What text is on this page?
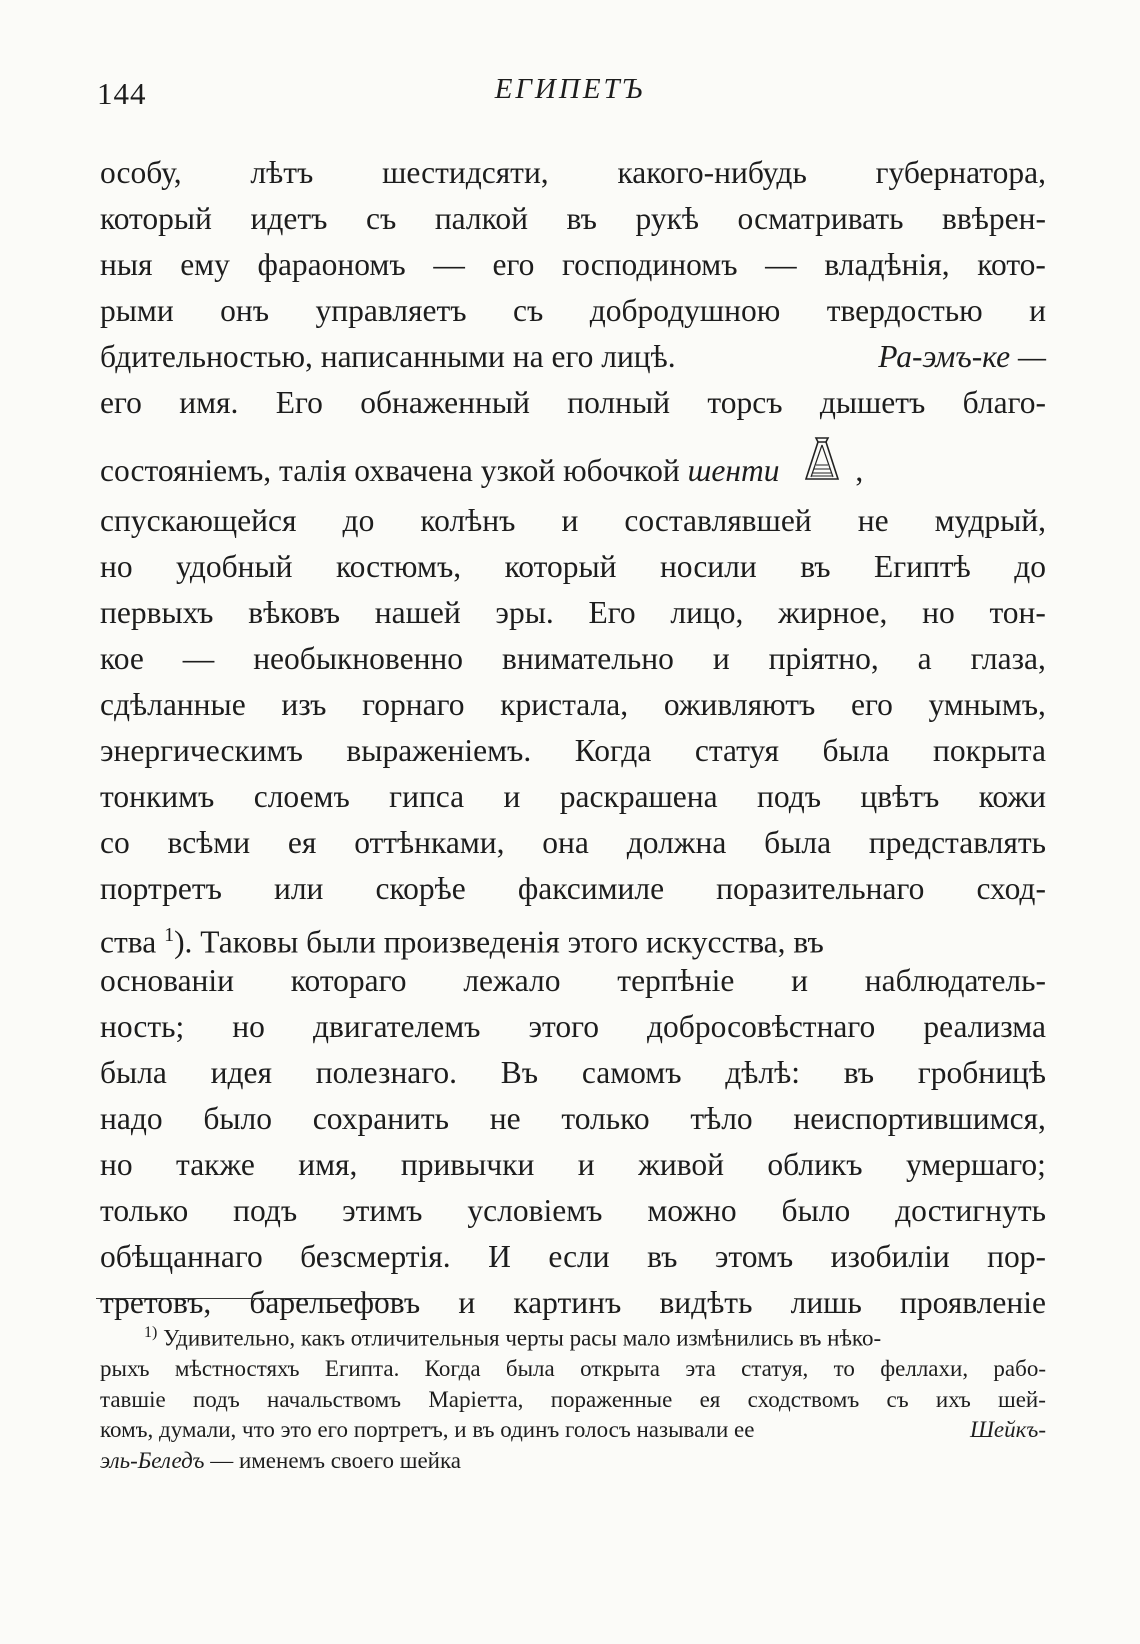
144	ЕГИПЕТЪ
особу, лѣтъ шестидсяти, какого-нибудь губернатора,
который идетъ съ палкой въ рукѣ осматривать ввѣрен-
ныя ему фараономъ — его господиномъ — владѣнія, кото-
рыми онъ управляетъ съ добродушною твердостью и
бдительностью, написанными на его лицѣ.	Ра-эмъ-ке —
его имя. Его обнаженный полный торсъ дышетъ благо-
состояніемъ, талія охвачена узкой юбочкой шенти ,
спускающейся до колѣнъ и составлявшей не мудрый,
но удобный костюмъ, который носили въ Египтѣ до
первыхъ вѣковъ нашей эры. Его лицо, жирное, но тон-
кое — необыкновенно внимательно и пріятно, а глаза,
сдѣланные изъ горнаго кристала, оживляютъ его умнымъ,
энергическимъ выраженіемъ. Когда статуя была покрыта
тонкимъ слоемъ гипса и раскрашена подъ цвѣтъ кожи
со всѣми ея оттѣнками, она должна была представлять
портретъ или скорѣе факсимиле поразительнаго сход-
ства $^1$). Таковы были произведенія этого искусства, въ
основаніи котораго лежало терпѣніе и наблюдатель-
ность; но двигателемъ этого добросовѣстнаго реализма
была идея полезнаго. Въ самомъ дѣлѣ: въ гробницѣ
надо было сохранить не только тѣло неиспортившимся,
но также имя, привычки и живой обликъ умершаго;
только подъ этимъ условіемъ можно было достигнуть
обѣщаннаго безсмертія. И если въ этомъ изобиліи пор-
третовъ, барельефовъ и картинъ видѣть лишь проявленіе
$^{1)}$ Удивительно, какъ отличительныя черты расы мало измѣнились въ нѣко-
рыхъ мѣстностяхъ Египта. Когда была открыта эта статуя, то феллахи, рабо-
тавшіе подъ начальствомъ Маріетта, пораженные ея сходствомъ съ ихъ шей-
комъ, думали, что это его портретъ, и въ одинъ голосъ называли ее	Шейкъ-
эль-Беледъ — именемъ своего шейка
